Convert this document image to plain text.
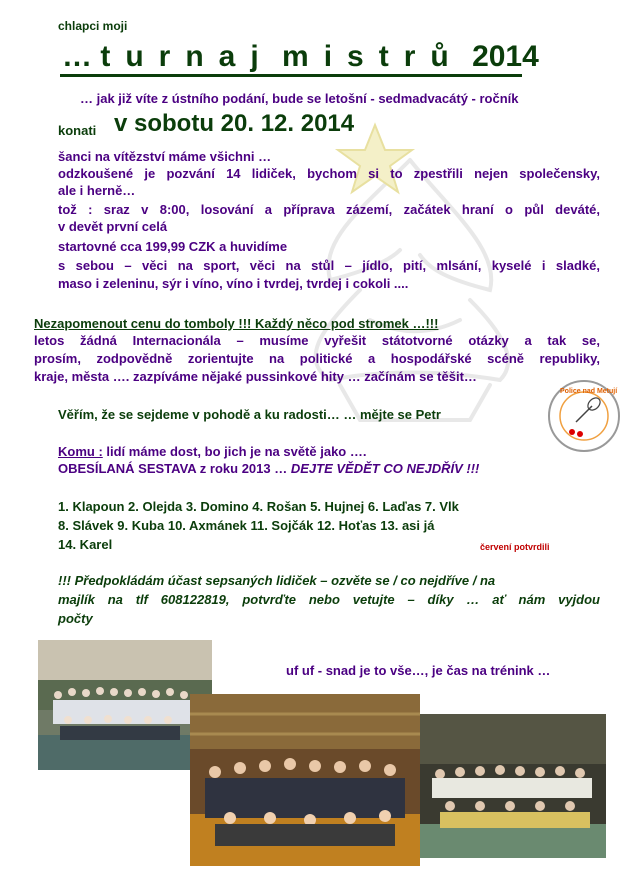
chlapci moji
… turnaj mistrů 2014
… jak již víte z ústního podání, bude se letošní - sedmadvacátý - ročník
konati v sobotu 20. 12. 2014
šanci na vítězství máme všichni …
odzkoušené je pozvání 14 lidiček, bychom si to zpestřili nejen společensky,
ale i herně…
tož : sraz v 8:00, losování a příprava zázemí, začátek hraní o půl deváté,
v devět první celá
startovné cca 199,99 CZK a huvidíme
s sebou – věci na sport, věci na stůl – jídlo, pití, mlsání, kyselé i sladké,
maso i zeleninu, sýr i víno, víno i tvrdej, tvrdej i cokoli ....
Nezapomenout cenu do tomboly !!! Každý něco pod stromek …!!!
letos žádná Internacionála – musíme vyřešit státotvorné otázky a tak se,
prosím, zodpovědně zorientujte na politické a hospodářské scéně republiky,
kraje, města …. zazpíváme nějaké pussinkové hity … začínám se těšit…
Věřím, že se sejdeme v pohodě a ku radosti… … mějte se Petr
Komu : lidí máme dost, bo jich je na světě jako ….
OBESÍLANÁ SESTAVA z roku 2013 … DEJTE VĚDĚT CO NEJDŘÍV !!!
1. Klapoun 2. Olejda 3. Domino 4. Rošan 5. Hujnej 6. Laďas 7. Vlk
8. Slávek 9. Kuba 10. Axmánek 11. Sojčák 12. Hoťas 13. asi já
14. Karel	červení potvrdili
!!! Předpokládám účast sepsaných lidiček – ozvěte se / co nejdříve / na
majlík na tlf 608122819, potvrďte nebo vetujte – díky … ať nám vyjdou
počty
uf uf - snad je to vše…, je čas na trénink …
Police nad Metují
